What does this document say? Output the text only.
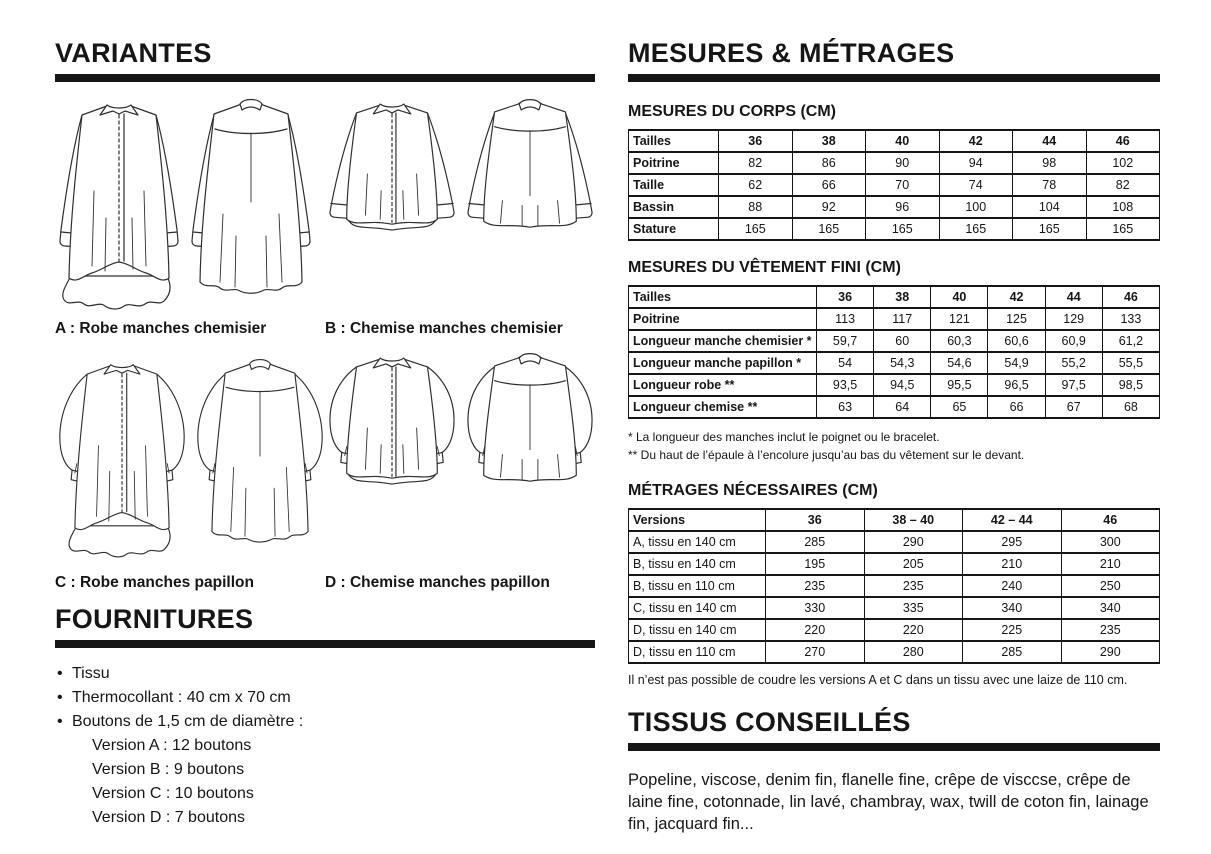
VARIANTES
A : Robe manches chemisier	B : Chemise manches chemisier
C : Robe manches papillon	D : Chemise manches papillon
FOURNITURES
• Tissu
• Thermocollant : 40 cm x 70 cm
• Boutons de 1,5 cm de diamètre :
Version A : 12 boutons
Version B : 9 boutons
Version C : 10 boutons
Version D : 7 boutons
MESURES & MÉTRAGES
MESURES DU CORPS (CM)
Tailles	36	38	40	42	44	46
Poitrine	82	86	90	94	98	102
Taille	62	66	70	74	78	82
Bassin	88	92	96	100	104	108
Stature	165	165	165	165	165	165
MESURES DU VÊTEMENT FINI (CM)
Tailles	36	38	40	42	44	46
Poitrine	113	117	121	125	129	133
Longueur manche chemisier *	59,7	60	60,3	60,6	60,9	61,2
Longueur manche papillon *	54	54,3	54,6	54,9	55,2	55,5
Longueur robe **	93,5	94,5	95,5	96,5	97,5	98,5
Longueur chemise **	63	64	65	66	67	68
* La longueur des manches inclut le poignet ou le bracelet.
** Du haut de l’épaule à l’encolure jusqu’au bas du vêtement sur le devant.
MÉTRAGES NÉCESSAIRES (CM)
Versions	36	38 – 40	42 – 44	46
A, tissu en 140 cm	285	290	295	300
B, tissu en 140 cm	195	205	210	210
B, tissu en 110 cm	235	235	240	250
C, tissu en 140 cm	330	335	340	340
D, tissu en 140 cm	220	220	225	235
D, tissu en 110 cm	270	280	285	290
Il n’est pas possible de coudre les versions A et C dans un tissu avec une laize de 110 cm.
TISSUS CONSEILLÉS

Popeline, viscose, denim fin, flanelle fine, crêpe de visccse, crêpe de laine fine, cotonnade, lin lavé, chambray, wax, twill de coton fin, lainage fin, jacquard fin...
